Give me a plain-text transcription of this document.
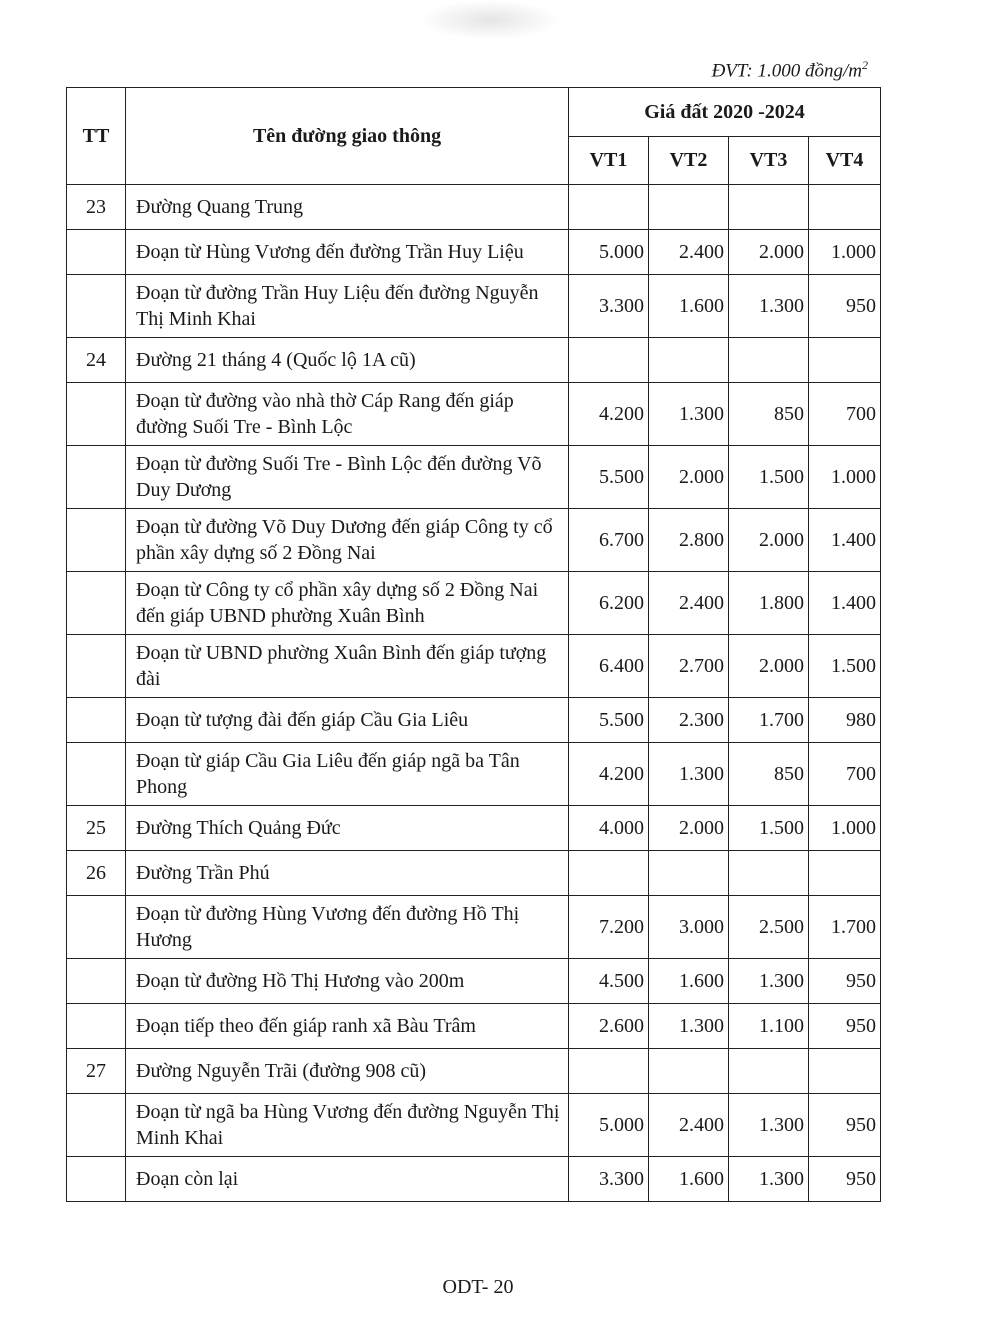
ĐVT: 1.000 đồng/$m^2$
TT	Tên đường giao thông	Giá đất 2020 -2024			
		VT1	VT2	VT3	VT4
23	Đường Quang Trung				
	Đoạn từ Hùng Vương đến đường Trần Huy Liệu	5.000	2.400	2.000	1.000
	Đoạn từ đường Trần Huy Liệu đến đường Nguyễn Thị Minh Khai	3.300	1.600	1.300	950
24	Đường 21 tháng 4 (Quốc lộ 1A cũ)				
	Đoạn từ đường vào nhà thờ Cáp Rang đến giáp đường Suối Tre - Bình Lộc	4.200	1.300	850	700
	Đoạn từ đường Suối Tre - Bình Lộc đến đường Võ Duy Dương	5.500	2.000	1.500	1.000
	Đoạn từ đường Võ Duy Dương đến giáp Công ty cổ phần xây dựng số 2 Đồng Nai	6.700	2.800	2.000	1.400
	Đoạn từ Công ty cổ phần xây dựng số 2 Đồng Nai đến giáp UBND phường Xuân Bình	6.200	2.400	1.800	1.400
	Đoạn từ UBND phường Xuân Bình đến giáp tượng đài	6.400	2.700	2.000	1.500
	Đoạn từ tượng đài đến giáp Cầu Gia Liêu	5.500	2.300	1.700	980
	Đoạn từ giáp Cầu Gia Liêu đến giáp ngã ba Tân Phong	4.200	1.300	850	700
25	Đường Thích Quảng Đức	4.000	2.000	1.500	1.000
26	Đường Trần Phú				
	Đoạn từ đường Hùng Vương đến đường Hồ Thị Hương	7.200	3.000	2.500	1.700
	Đoạn từ đường Hồ Thị Hương vào 200m	4.500	1.600	1.300	950
	Đoạn tiếp theo đến giáp ranh xã Bàu Trâm	2.600	1.300	1.100	950
27	Đường Nguyễn Trãi (đường 908 cũ)				
	Đoạn từ ngã ba Hùng Vương đến đường Nguyễn Thị Minh Khai	5.000	2.400	1.300	950
	Đoạn còn lại	3.300	1.600	1.300	950
ODT- 20
